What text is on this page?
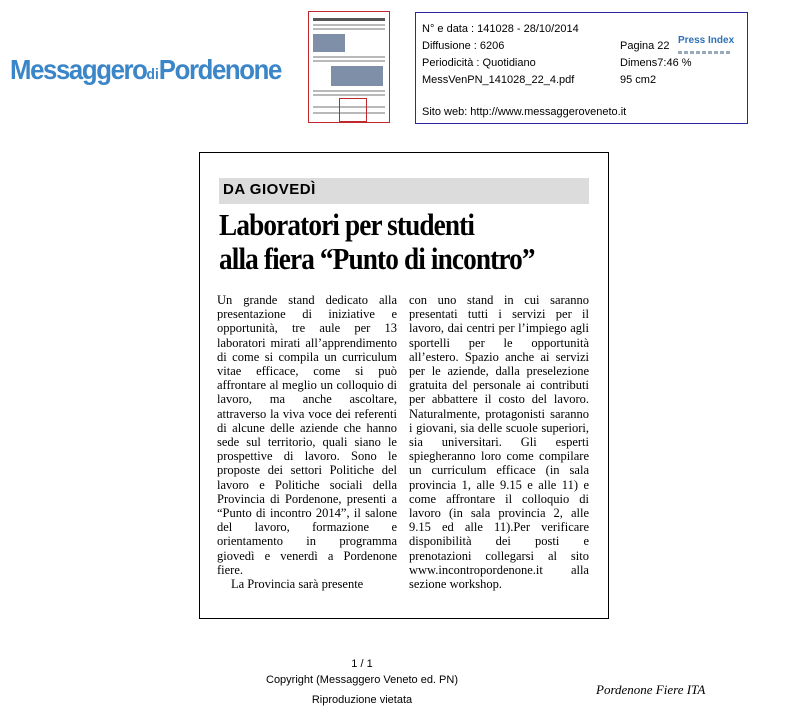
MessaggerodiPordenone
N° e data : 141028 - 28/10/2014
Diffusione : 6206
Periodicità : Quotidiano
MessVenPN_141028_22_4.pdf
Pagina 22
Dimens7:46 %
95 cm2
Sito web: http://www.messaggeroveneto.it
Press Index
DA GIOVEDÌ
Laboratori per studenti
alla fiera “Punto di incontro”

Un grande stand dedicato alla presentazione di iniziative e opportunità, tre aule per 13 laboratori mirati all’apprendimento di come si compila un curriculum vitae efficace, come si può affrontare al meglio un colloquio di lavoro, ma anche ascoltare, attraverso la viva voce dei referenti di alcune delle aziende che hanno sede sul territorio, quali siano le prospettive di lavoro. Sono le proposte dei settori Politiche del lavoro e Politiche sociali della Provincia di Pordenone, presenti a “Punto di incontro 2014”, il salone del lavoro, formazione e orientamento in programma giovedì e venerdì a Pordenone fiere.

La Provincia sarà presente

con uno stand in cui saranno presentati tutti i servizi per il lavoro, dai centri per l’impiego agli sportelli per le opportunità all’estero. Spazio anche ai servizi per le aziende, dalla preselezione gratuita del personale ai contributi per abbattere il costo del lavoro. Naturalmente, protagonisti saranno i giovani, sia delle scuole superiori, sia universitari. Gli esperti spiegheranno loro come compilare un curriculum efficace (in sala provincia 1, alle 9.15 e alle 11) e come affrontare il colloquio di lavoro (in sala provincia 2, alle 9.15 ed alle 11).Per verificare disponibilità dei posti e prenotazioni collegarsi al sito www.incontropordenone.it alla sezione workshop.

1 / 1
Copyright (Messaggero Veneto ed. PN)
Riproduzione vietata
Pordenone Fiere ITA
